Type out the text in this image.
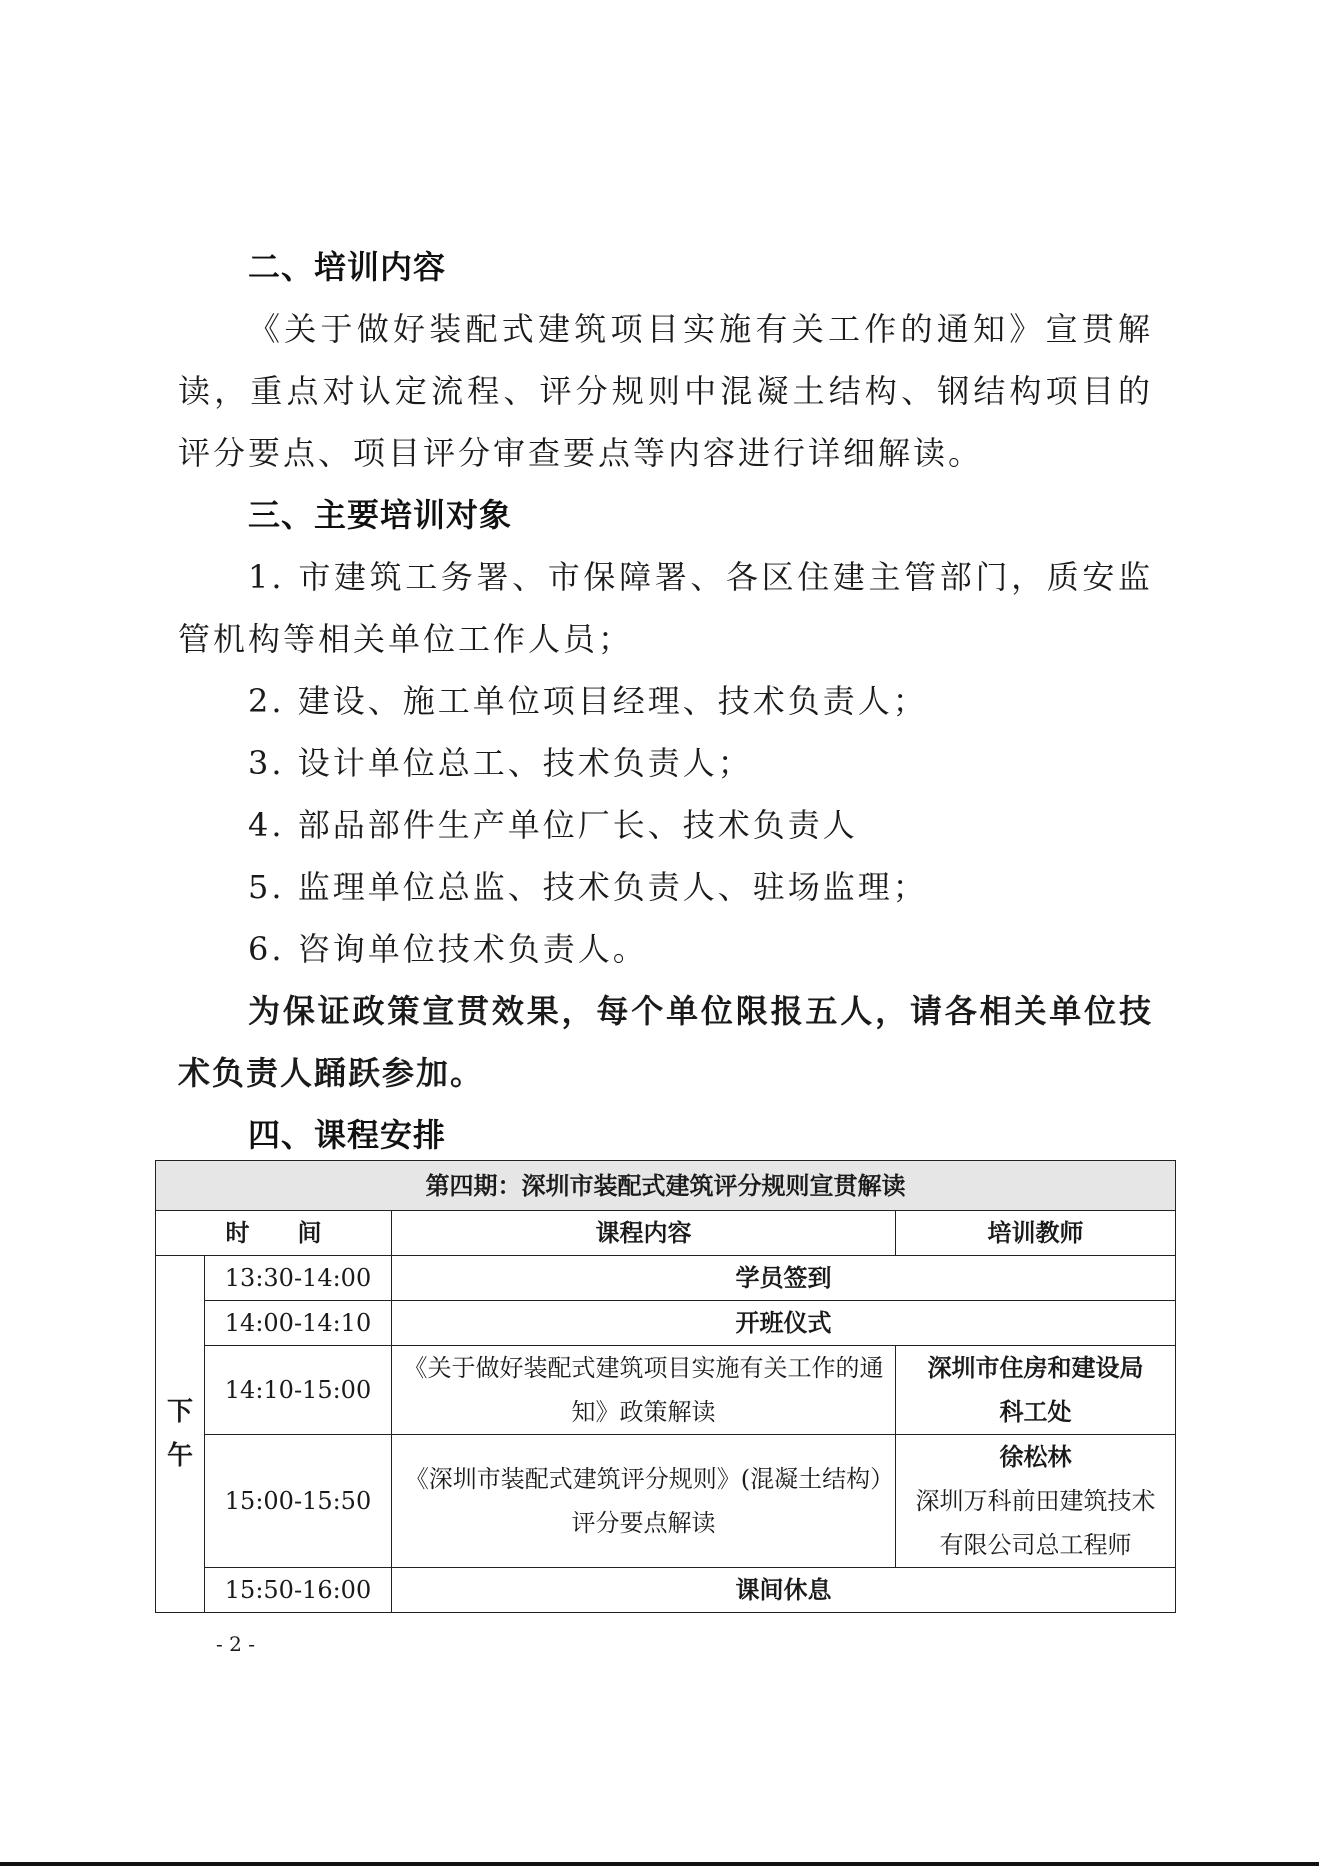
二、培训内容

《关于做好装配式建筑项目实施有关工作的通知》宣贯解读，重点对认定流程、评分规则中混凝土结构、钢结构项目的评分要点、项目评分审查要点等内容进行详细解读。

三、主要培训对象

1. 市建筑工务署、市保障署、各区住建主管部门，质安监管机构等相关单位工作人员；

2. 建设、施工单位项目经理、技术负责人；

3. 设计单位总工、技术负责人；

4. 部品部件生产单位厂长、技术负责人

5. 监理单位总监、技术负责人、驻场监理；

6. 咨询单位技术负责人。

为保证政策宣贯效果，每个单位限报五人，请各相关单位技术负责人踊跃参加。

四、课程安排
第四期：深圳市装配式建筑评分规则宣贯解读			
时　　间		课程内容	培训教师
下
午	13:30-14:00	学员签到	
	14:00-14:10	开班仪式	
	14:10-15:00	《关于做好装配式建筑项目实施有关工作的通知》政策解读	深圳市住房和建设局
科工处

	15:00-15:50	《深圳市装配式建筑评分规则》(混凝土结构）评分要点解读	徐松林
深圳万科前田建筑技术有限公司总工程师

	15:50-16:00	课间休息	
- 2 -
